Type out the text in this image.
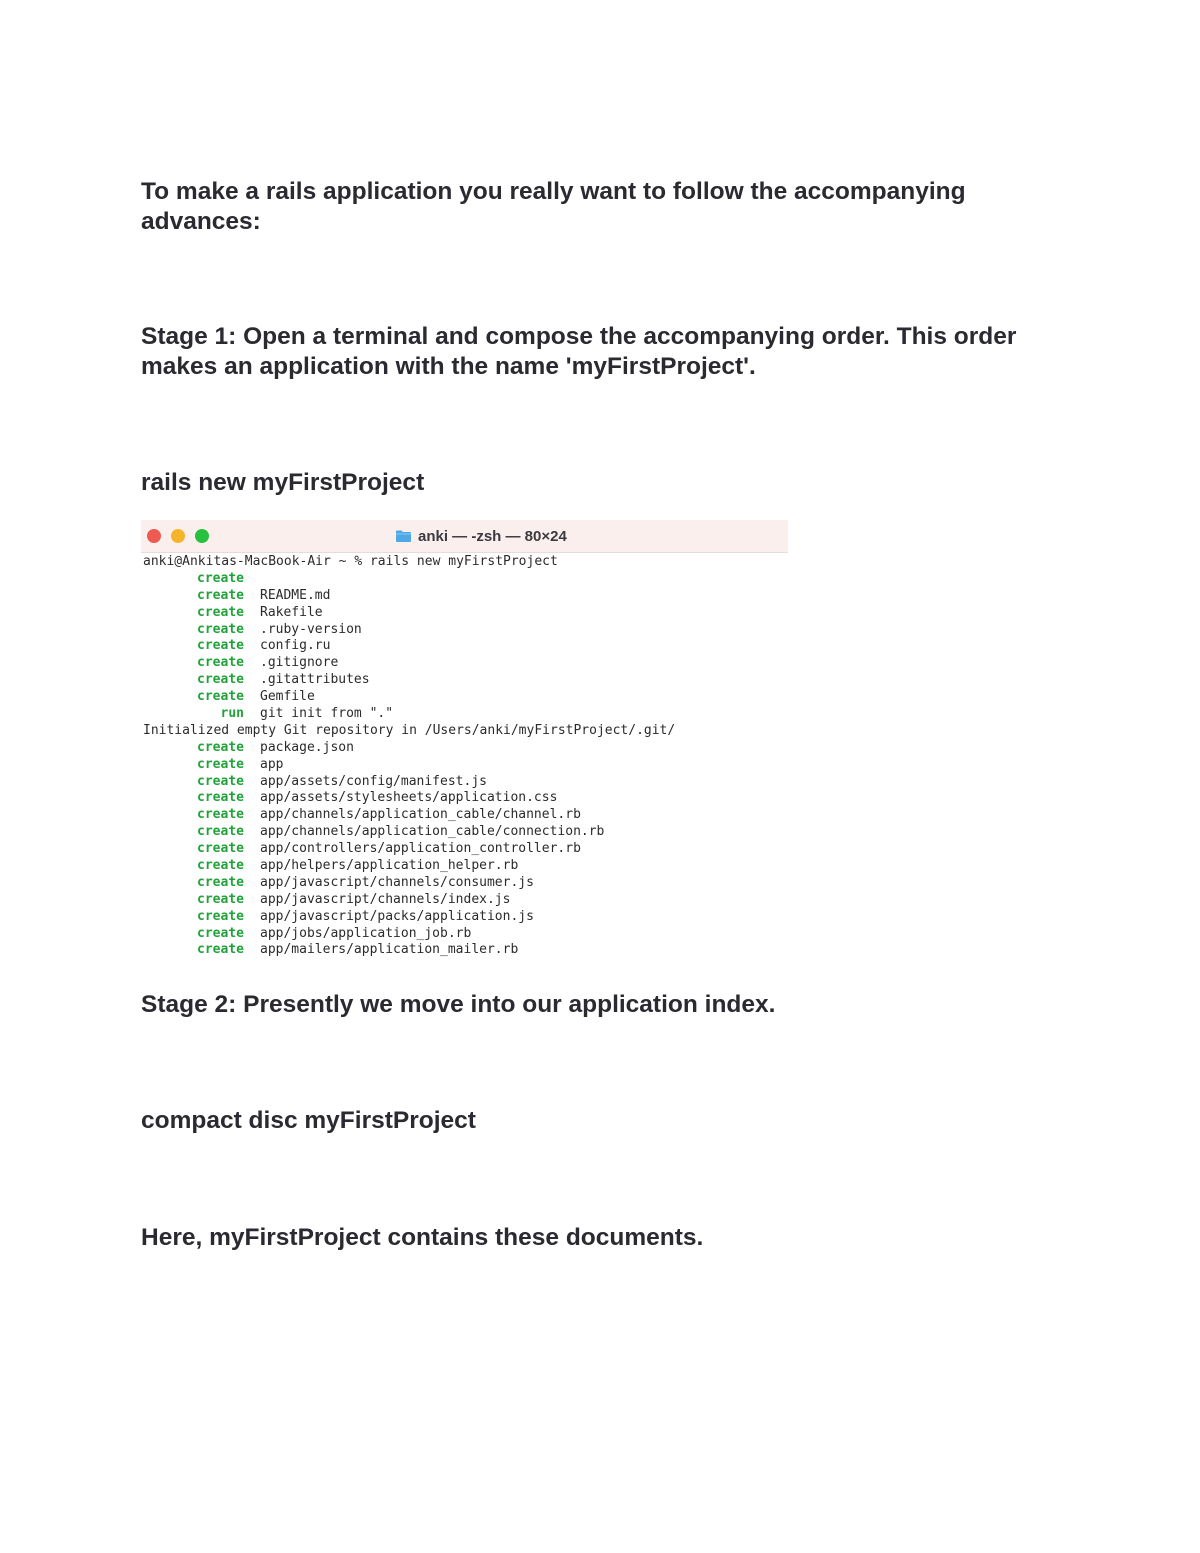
To make a rails application you really want to follow the accompanying advances:

Stage 1: Open a terminal and compose the accompanying order. This order makes an application with the name 'myFirstProject'.

rails new myFirstProject

anki — -zsh — 80×24
anki@Ankitas-MacBook-Air ~ % rails new myFirstProject
create
create README.md
create Rakefile
create .ruby-version
create config.ru
create .gitignore
create .gitattributes
create Gemfile
run git init from "."
Initialized empty Git repository in /Users/anki/myFirstProject/.git/
create package.json
create app
create app/assets/config/manifest.js
create app/assets/stylesheets/application.css
create app/channels/application_cable/channel.rb
create app/channels/application_cable/connection.rb
create app/controllers/application_controller.rb
create app/helpers/application_helper.rb
create app/javascript/channels/consumer.js
create app/javascript/channels/index.js
create app/javascript/packs/application.js
create app/jobs/application_job.rb
create app/mailers/application_mailer.rb

Stage 2: Presently we move into our application index.

compact disc myFirstProject

Here, myFirstProject contains these documents.
